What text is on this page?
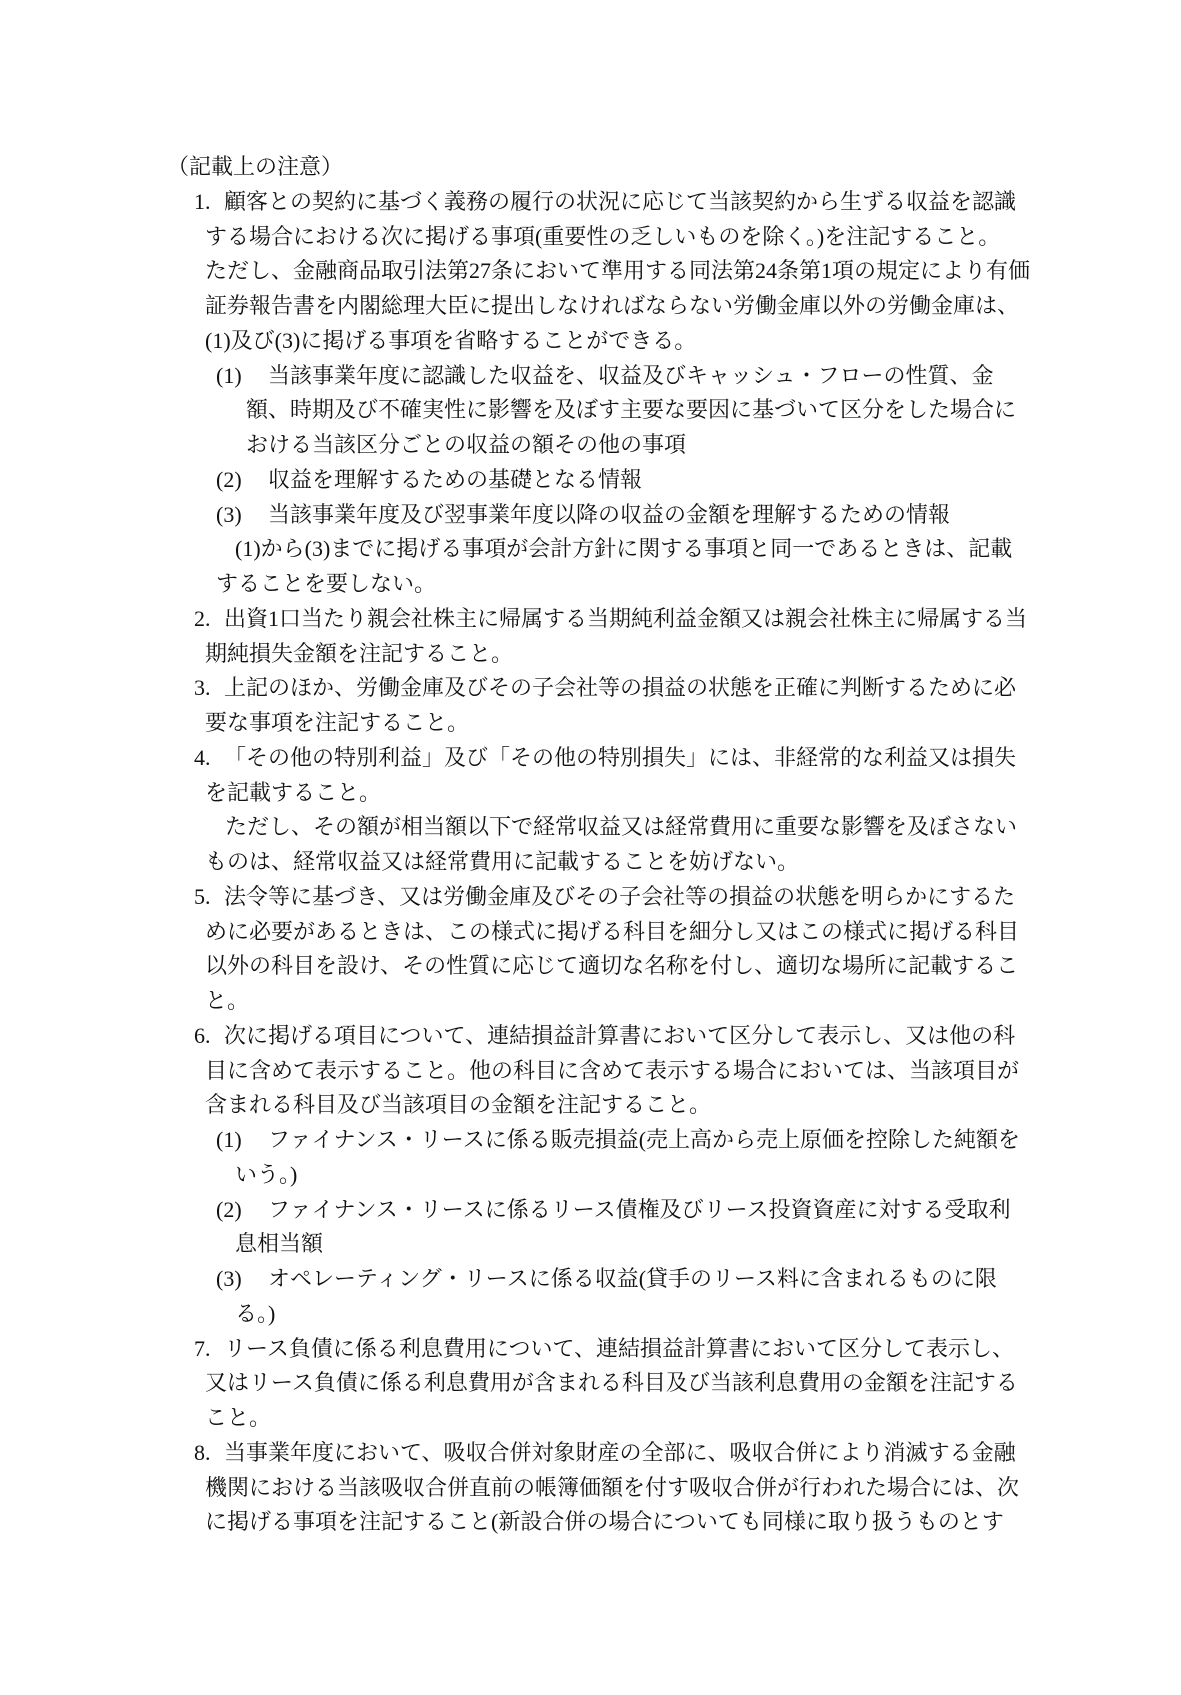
（記載上の注意）
1. 顧客との契約に基づく義務の履行の状況に応じて当該契約から生ずる収益を認識
する場合における次に掲げる事項(重要性の乏しいものを除く。)を注記すること。
ただし、金融商品取引法第27条において準用する同法第24条第1項の規定により有価
証券報告書を内閣総理大臣に提出しなければならない労働金庫以外の労働金庫は、
(1)及び(3)に掲げる事項を省略することができる。
(1) 当該事業年度に認識した収益を、収益及びキャッシュ・フローの性質、金
額、時期及び不確実性に影響を及ぼす主要な要因に基づいて区分をした場合に
おける当該区分ごとの収益の額その他の事項
(2) 収益を理解するための基礎となる情報
(3) 当該事業年度及び翌事業年度以降の収益の金額を理解するための情報
(1)から(3)までに掲げる事項が会計方針に関する事項と同一であるときは、記載
することを要しない。
2. 出資1口当たり親会社株主に帰属する当期純利益金額又は親会社株主に帰属する当
期純損失金額を注記すること。
3. 上記のほか、労働金庫及びその子会社等の損益の状態を正確に判断するために必
要な事項を注記すること。
4. 「その他の特別利益」及び「その他の特別損失」には、非経常的な利益又は損失
を記載すること。
ただし、その額が相当額以下で経常収益又は経常費用に重要な影響を及ぼさない
ものは、経常収益又は経常費用に記載することを妨げない。
5. 法令等に基づき、又は労働金庫及びその子会社等の損益の状態を明らかにするた
めに必要があるときは、この様式に掲げる科目を細分し又はこの様式に掲げる科目
以外の科目を設け、その性質に応じて適切な名称を付し、適切な場所に記載するこ
と。
6. 次に掲げる項目について、連結損益計算書において区分して表示し、又は他の科
目に含めて表示すること。他の科目に含めて表示する場合においては、当該項目が
含まれる科目及び当該項目の金額を注記すること。
(1) ファイナンス・リースに係る販売損益(売上高から売上原価を控除した純額を
いう。)
(2) ファイナンス・リースに係るリース債権及びリース投資資産に対する受取利
息相当額
(3) オペレーティング・リースに係る収益(貸手のリース料に含まれるものに限
る。)
7. リース負債に係る利息費用について、連結損益計算書において区分して表示し、
又はリース負債に係る利息費用が含まれる科目及び当該利息費用の金額を注記する
こと。
8. 当事業年度において、吸収合併対象財産の全部に、吸収合併により消滅する金融
機関における当該吸収合併直前の帳簿価額を付す吸収合併が行われた場合には、次
に掲げる事項を注記すること(新設合併の場合についても同様に取り扱うものとす
